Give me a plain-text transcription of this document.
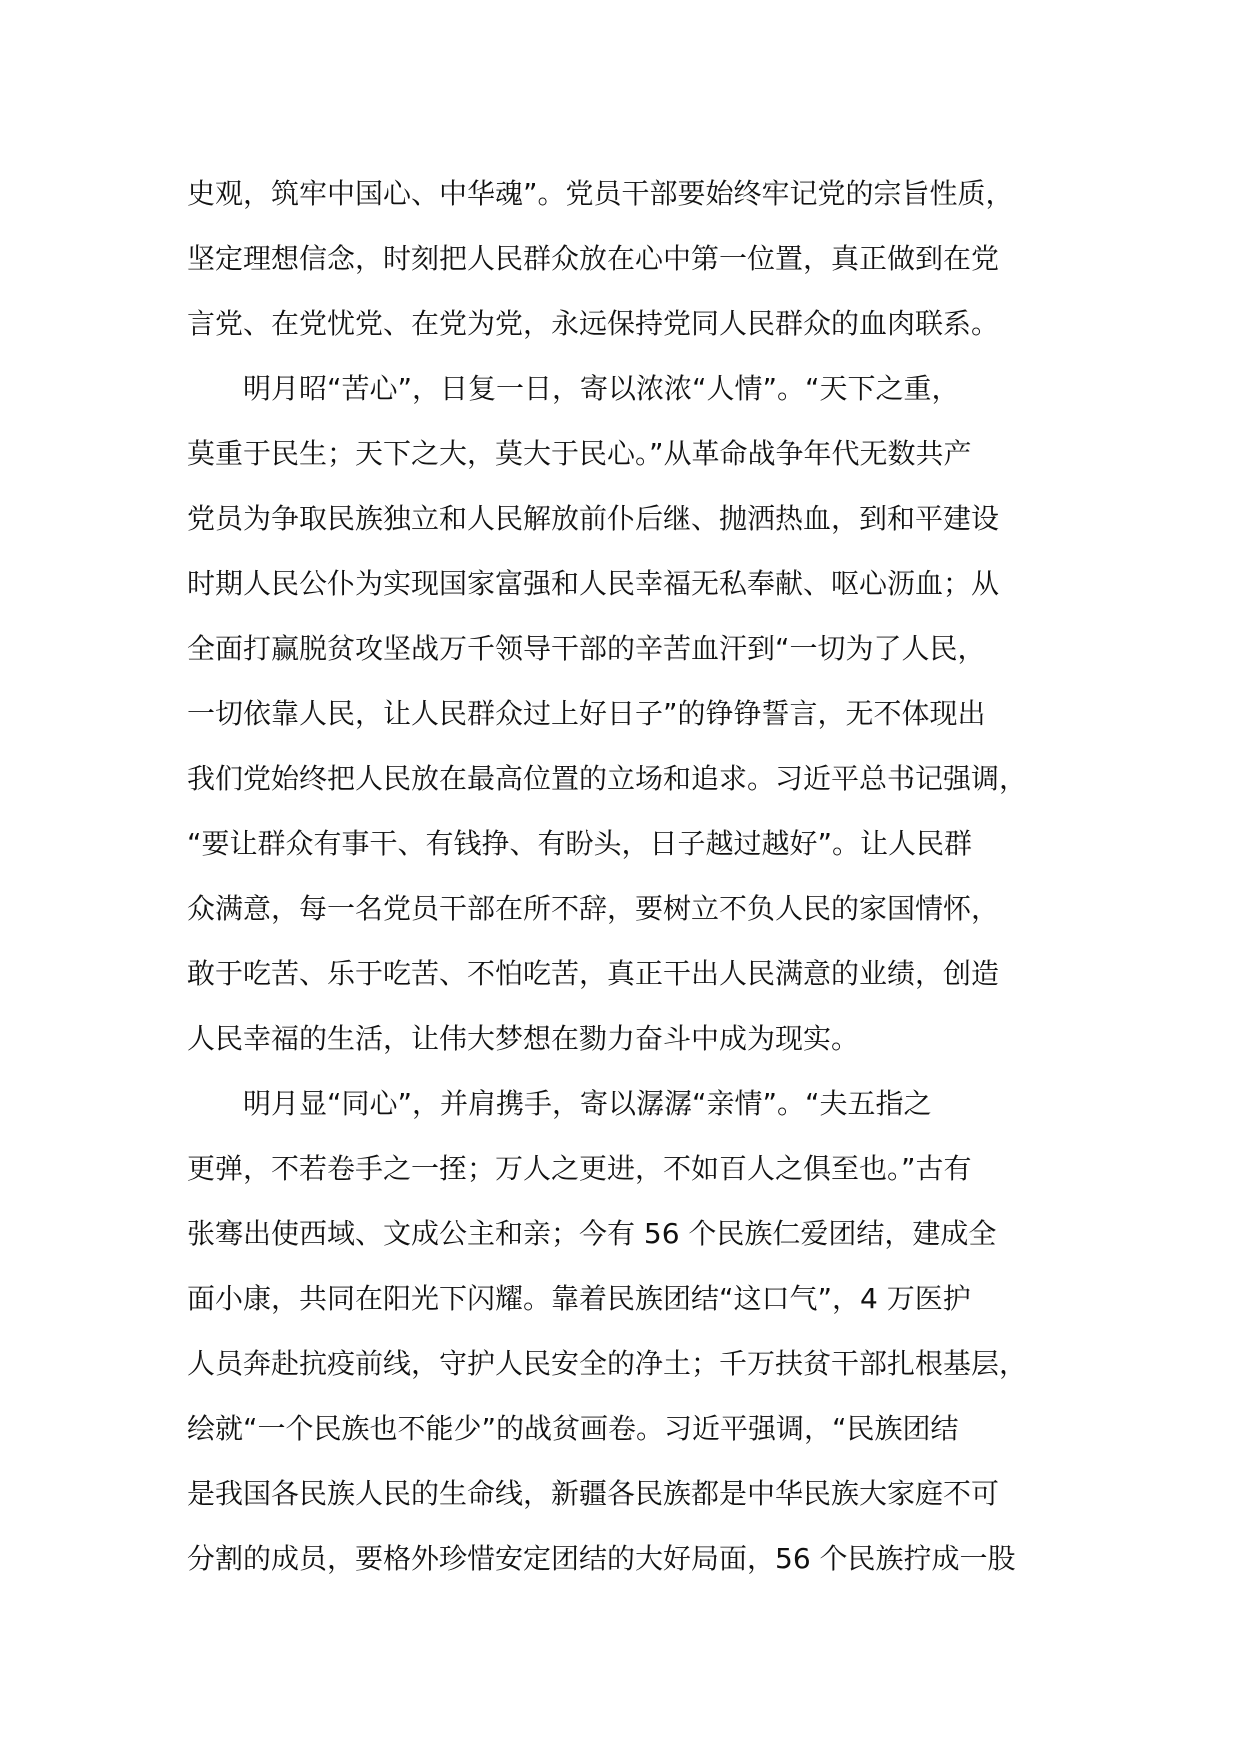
史观，筑牢中国心、中华魂”。党员干部要始终牢记党的宗旨性质，
坚定理想信念，时刻把人民群众放在心中第一位置，真正做到在党
言党、在党忧党、在党为党，永远保持党同人民群众的血肉联系。
　　明月昭“苦心”，日复一日，寄以浓浓“人情”。“天下之重，
莫重于民生；天下之大，莫大于民心。”从革命战争年代无数共产
党员为争取民族独立和人民解放前仆后继、抛洒热血，到和平建设
时期人民公仆为实现国家富强和人民幸福无私奉献、呕心沥血；从
全面打赢脱贫攻坚战万千领导干部的辛苦血汗到“一切为了人民，
一切依靠人民，让人民群众过上好日子”的铮铮誓言，无不体现出
我们党始终把人民放在最高位置的立场和追求。习近平总书记强调，
“要让群众有事干、有钱挣、有盼头，日子越过越好”。让人民群
众满意，每一名党员干部在所不辞，要树立不负人民的家国情怀，
敢于吃苦、乐于吃苦、不怕吃苦，真正干出人民满意的业绩，创造
人民幸福的生活，让伟大梦想在勠力奋斗中成为现实。
　　明月显“同心”，并肩携手，寄以潺潺“亲情”。“夫五指之
更弹，不若卷手之一挃；万人之更进，不如百人之俱至也。”古有
张骞出使西域、文成公主和亲；今有 56 个民族仁爱团结，建成全
面小康，共同在阳光下闪耀。靠着民族团结“这口气”，4 万医护
人员奔赴抗疫前线，守护人民安全的净土；千万扶贫干部扎根基层，
绘就“一个民族也不能少”的战贫画卷。习近平强调，“民族团结
是我国各民族人民的生命线，新疆各民族都是中华民族大家庭不可
分割的成员，要格外珍惜安定团结的大好局面，56 个民族拧成一股
